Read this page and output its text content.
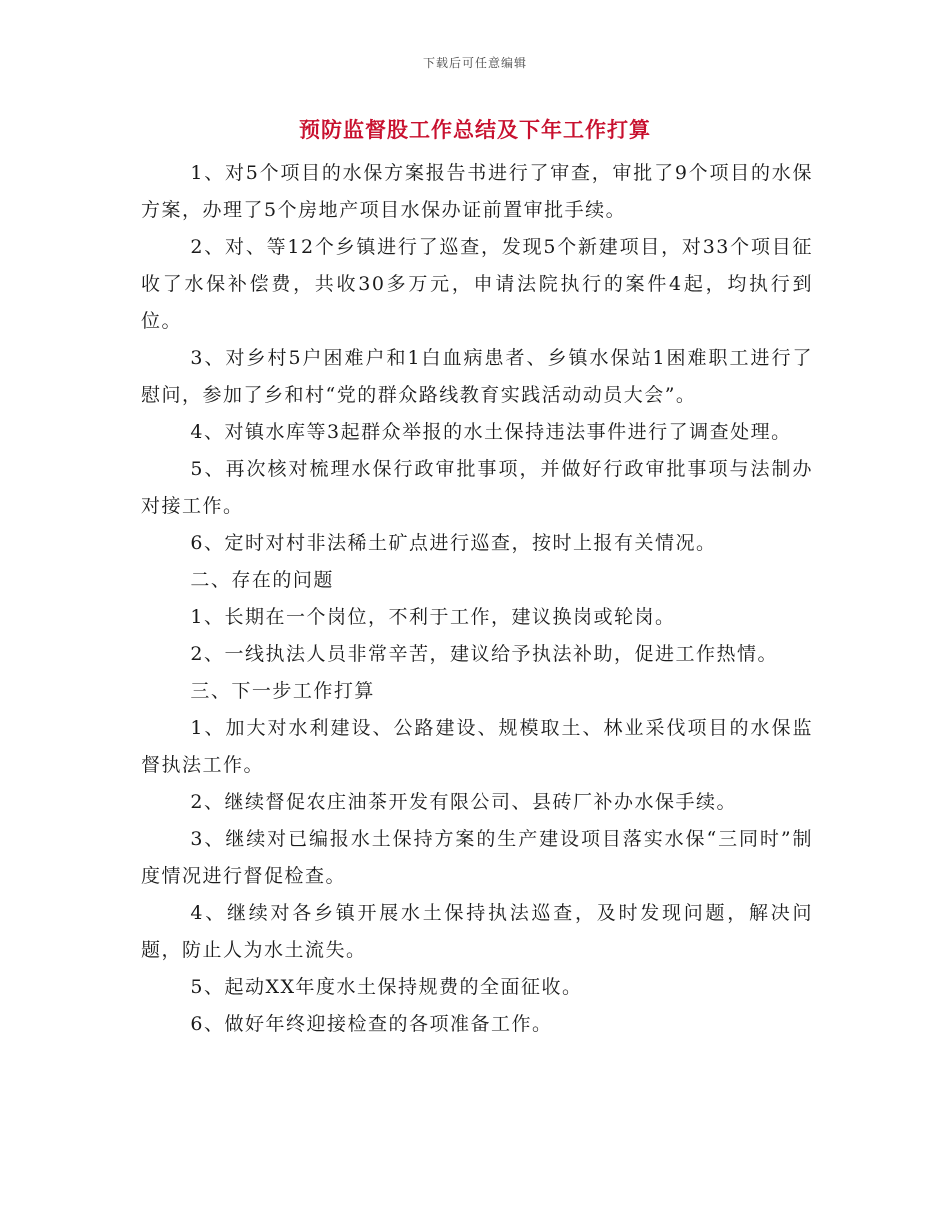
下载后可任意编辑
预防监督股工作总结及下年工作打算

1、对5个项目的水保方案报告书进行了审查，审批了9个项目的水保方案，办理了5个房地产项目水保办证前置审批手续。

2、对、等12个乡镇进行了巡查，发现5个新建项目，对33个项目征收了水保补偿费，共收30多万元，申请法院执行的案件4起，均执行到位。

3、对乡村5户困难户和1白血病患者、乡镇水保站1困难职工进行了慰问，参加了乡和村“党的群众路线教育实践活动动员大会”。

4、对镇水库等3起群众举报的水土保持违法事件进行了调查处理。

5、再次核对梳理水保行政审批事项，并做好行政审批事项与法制办对接工作。

6、定时对村非法稀土矿点进行巡查，按时上报有关情况。

二、存在的问题

1、长期在一个岗位，不利于工作，建议换岗或轮岗。

2、一线执法人员非常辛苦，建议给予执法补助，促进工作热情。

三、下一步工作打算

1、加大对水利建设、公路建设、规模取土、林业采伐项目的水保监督执法工作。

2、继续督促农庄油茶开发有限公司、县砖厂补办水保手续。

3、继续对已编报水土保持方案的生产建设项目落实水保“三同时”制度情况进行督促检查。

4、继续对各乡镇开展水土保持执法巡查，及时发现问题，解决问题，防止人为水土流失。

5、起动XX年度水土保持规费的全面征收。

6、做好年终迎接检查的各项准备工作。
